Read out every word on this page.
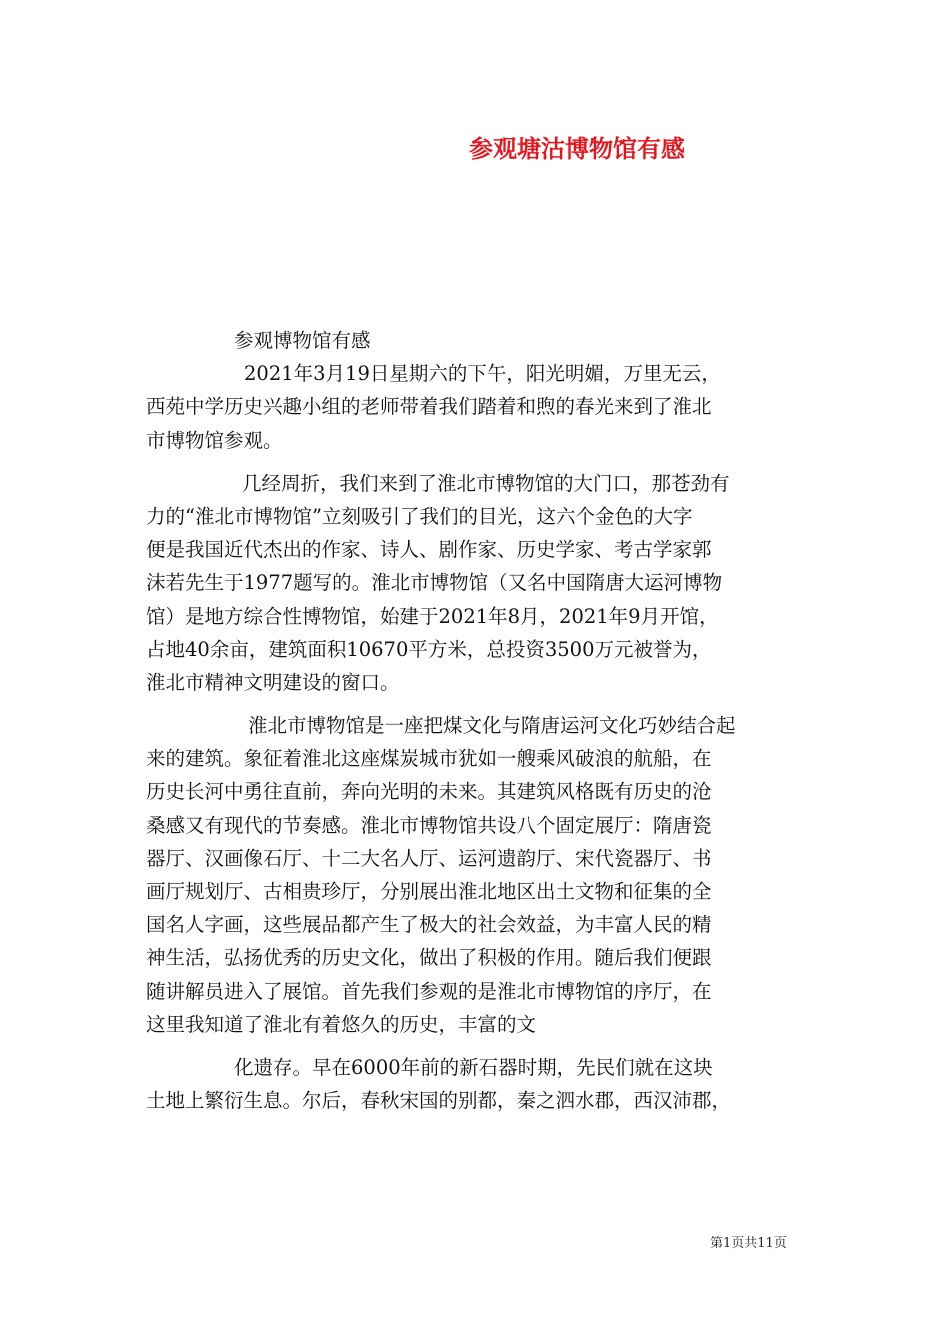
参观塘沽博物馆有感
参观博物馆有感
2021年3月19日星期六的下午，阳光明媚，万里无云，
西苑中学历史兴趣小组的老师带着我们踏着和煦的春光来到了淮北
市博物馆参观。
几经周折，我们来到了淮北市博物馆的大门口，那苍劲有
力的“淮北市博物馆”立刻吸引了我们的目光，这六个金色的大字
便是我国近代杰出的作家、诗人、剧作家、历史学家、考古学家郭
沫若先生于1977题写的。淮北市博物馆（又名中国隋唐大运河博物
馆）是地方综合性博物馆，始建于2021年8月，2021年9月开馆，
占地40余亩，建筑面积10670平方米，总投资3500万元被誉为，
淮北市精神文明建设的窗口。
淮北市博物馆是一座把煤文化与隋唐运河文化巧妙结合起
来的建筑。象征着淮北这座煤炭城市犹如一艘乘风破浪的航船，在
历史长河中勇往直前，奔向光明的未来。其建筑风格既有历史的沧
桑感又有现代的节奏感。淮北市博物馆共设八个固定展厅：隋唐瓷
器厅、汉画像石厅、十二大名人厅、运河遗韵厅、宋代瓷器厅、书
画厅规划厅、古相贵珍厅，分别展出淮北地区出土文物和征集的全
国名人字画，这些展品都产生了极大的社会效益，为丰富人民的精
神生活，弘扬优秀的历史文化，做出了积极的作用。随后我们便跟
随讲解员进入了展馆。首先我们参观的是淮北市博物馆的序厅，在
这里我知道了淮北有着悠久的历史，丰富的文
化遗存。早在6000年前的新石器时期，先民们就在这块
土地上繁衍生息。尔后，春秋宋国的别都，秦之泗水郡，西汉沛郡，
第1页共11页
